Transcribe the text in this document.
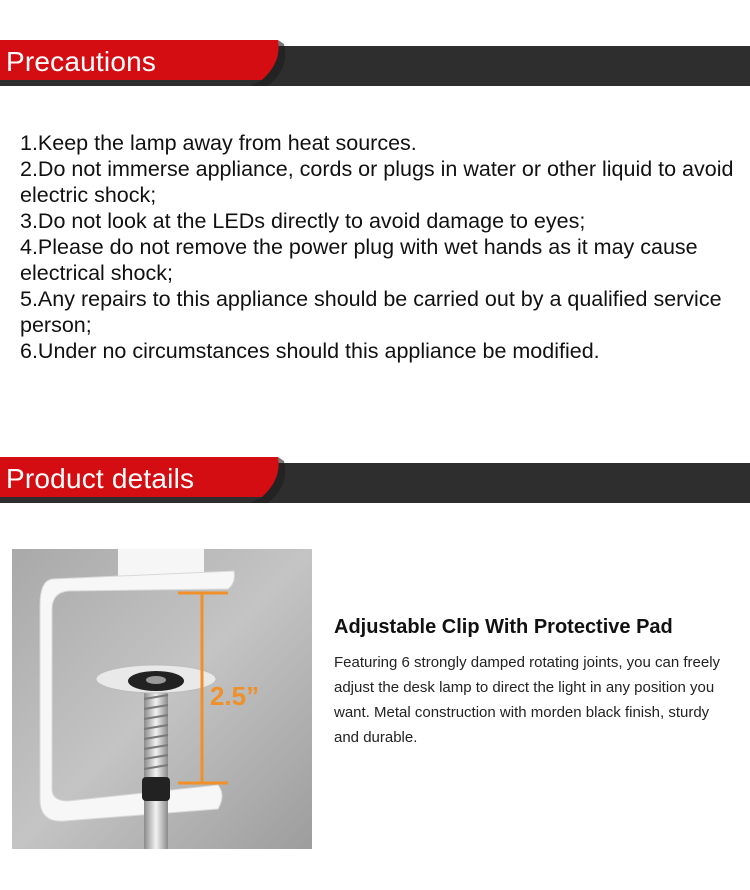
Precautions

1.Keep the lamp away from heat sources.

2.Do not immerse appliance, cords or plugs in water or other liquid to avoid electric shock;

3.Do not look at the LEDs directly to avoid damage to eyes;

4.Please do not remove the power plug with wet hands as it may cause electrical shock;

5.Any repairs to this appliance should be carried out by a qualified service person;

6.Under no circumstances should this appliance be modified.

Product details
2.5”
Adjustable Clip With Protective Pad
Featuring 6 strongly damped rotating joints, you can freely adjust the desk lamp to direct the light in any position you want. Metal construction with morden black finish, sturdy and durable.
